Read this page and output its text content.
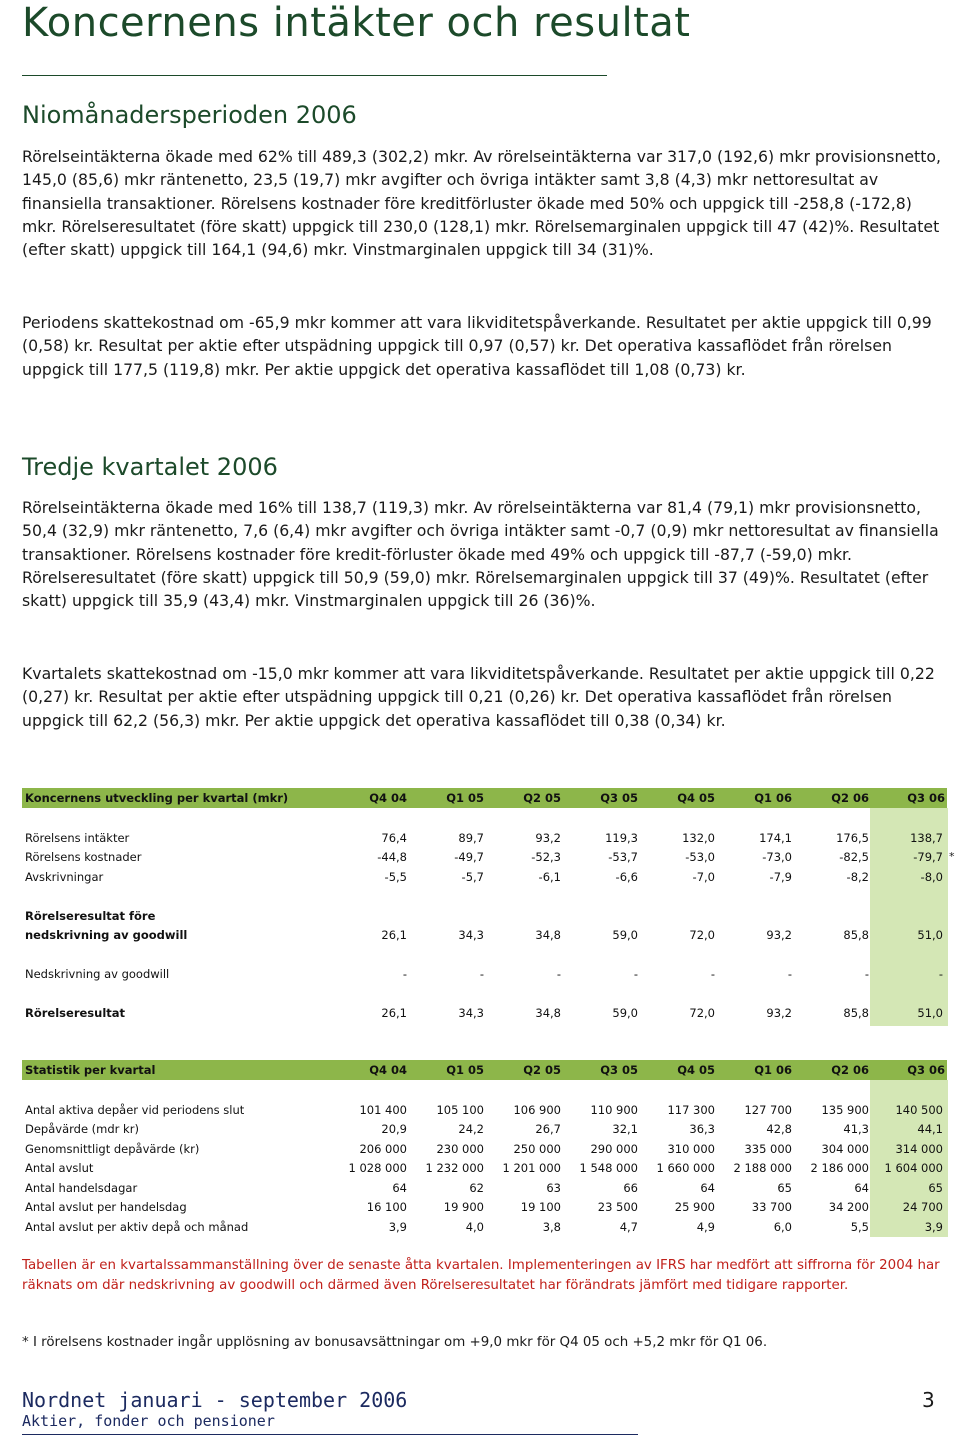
Koncernens intäkter och resultat
Niomånadersperioden 2006

Rörelseintäkterna ökade med 62% till 489,3 (302,2) mkr. Av rörelseintäkterna var 317,0 (192,6) mkr provisionsnetto, 145,0 (85,6) mkr räntenetto, 23,5 (19,7) mkr avgifter och övriga intäkter samt 3,8 (4,3) mkr nettoresultat av finansiella transaktioner. Rörelsens kostnader före kreditförluster ökade med 50% och uppgick till -258,8 (-172,8) mkr. Rörelseresultatet (före skatt) uppgick till 230,0 (128,1) mkr. Rörelsemarginalen uppgick till 47 (42)%. Resultatet (efter skatt) uppgick till 164,1 (94,6) mkr. Vinstmarginalen uppgick till 34 (31)%.

Periodens skattekostnad om -65,9 mkr kommer att vara likviditetspåverkande. Resultatet per aktie uppgick till 0,99 (0,58) kr. Resultat per aktie efter utspädning uppgick till 0,97 (0,57) kr. Det operativa kassaflödet från rörelsen uppgick till 177,5 (119,8) mkr. Per aktie uppgick det operativa kassaflödet till 1,08 (0,73) kr.

Tredje kvartalet 2006

Rörelseintäkterna ökade med 16% till 138,7 (119,3) mkr. Av rörelseintäkterna var 81,4 (79,1) mkr provisionsnetto, 50,4 (32,9) mkr räntenetto, 7,6 (6,4) mkr avgifter och övriga intäkter samt -0,7 (0,9) mkr nettoresultat av finansiella transaktioner. Rörelsens kostnader före kredit-förluster ökade med 49% och uppgick till -87,7 (-59,0) mkr. Rörelseresultatet (före skatt) uppgick till 50,9 (59,0) mkr. Rörelsemarginalen uppgick till 37 (49)%. Resultatet (efter skatt) uppgick till 35,9 (43,4) mkr. Vinstmarginalen uppgick till 26 (36)%.

Kvartalets skattekostnad om -15,0 mkr kommer att vara likviditetspåverkande. Resultatet per aktie uppgick till 0,22 (0,27) kr. Resultat per aktie efter utspädning uppgick till 0,21 (0,26) kr. Det operativa kassaflödet från rörelsen uppgick till 62,2 (56,3) mkr. Per aktie uppgick det operativa kassaflödet till 0,38 (0,34) kr.

Koncernens utveckling per kvartal (mkr)	Q4 04	Q1 05	Q2 05	Q3 05	Q4 05	Q1 06	Q2 06	Q3 06

Rörelsens intäkter	76,4	89,7	93,2	119,3	132,0	174,1	176,5	138,7
Rörelsens kostnader	-44,8	-49,7	-52,3	-53,7	-53,0	-73,0	-82,5	-79,7
Avskrivningar	-5,5	-5,7	-6,1	-6,6	-7,0	-7,9	-8,2	-8,0

Rörelseresultat före								
nedskrivning av goodwill	26,1	34,3	34,8	59,0	72,0	93,2	85,8	51,0

Nedskrivning av goodwill	-	-	-	-	-	-	-	-

Rörelseresultat	26,1	34,3	34,8	59,0	72,0	93,2	85,8	51,0
*
Statistik per kvartal	Q4 04	Q1 05	Q2 05	Q3 05	Q4 05	Q1 06	Q2 06	Q3 06

Antal aktiva depåer vid periodens slut	101 400	105 100	106 900	110 900	117 300	127 700	135 900	140 500
Depåvärde (mdr kr)	20,9	24,2	26,7	32,1	36,3	42,8	41,3	44,1
Genomsnittligt depåvärde (kr)	206 000	230 000	250 000	290 000	310 000	335 000	304 000	314 000
Antal avslut	1 028 000	1 232 000	1 201 000	1 548 000	1 660 000	2 188 000	2 186 000	1 604 000
Antal handelsdagar	64	62	63	66	64	65	64	65
Antal avslut per handelsdag	16 100	19 900	19 100	23 500	25 900	33 700	34 200	24 700
Antal avslut per aktiv depå och månad	3,9	4,0	3,8	4,7	4,9	6,0	5,5	3,9

Tabellen är en kvartalssammanställning över de senaste åtta kvartalen. Implementeringen av IFRS har medfört att siffrorna för 2004 har räknats om där nedskrivning av goodwill och därmed även Rörelseresultatet har förändrats jämfört med tidigare rapporter.

* I rörelsens kostnader ingår upplösning av bonusavsättningar om +9,0 mkr för Q4 05 och +5,2 mkr för Q1 06.

Nordnet januari - september 2006
Aktier, fonder och pensioner
3
